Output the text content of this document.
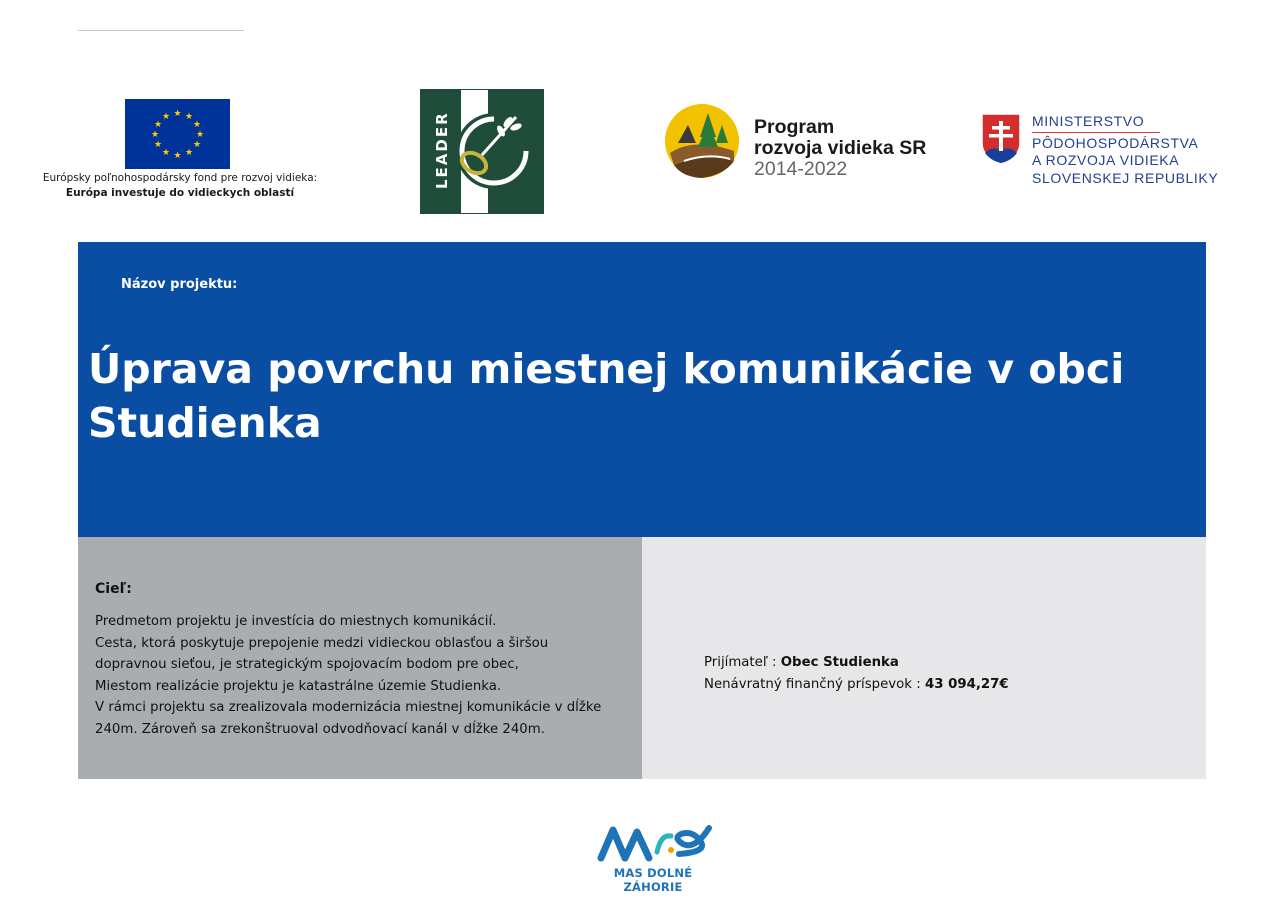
★ ★
★
★
★
★
★
★
★
★
★
★
Európsky poľnohospodársky fond pre rozvoj vidieka:
Európa investuje do vidieckych oblastí
LEADER	Program
rozvoja vidieka SR
2014-2022
MINISTERSTVO
PÔDOHOSPODÁRSTVA
A ROZVOJA VIDIEKA
SLOVENSKEJ REPUBLIKY
Názov projektu:
Úprava povrchu miestnej komunikácie v obci
Studienka
Cieľ:
Predmetom projektu je investícia do miestnych komunikácií.
Cesta, ktorá poskytuje prepojenie medzi vidieckou oblasťou a širšou
dopravnou sieťou, je strategickým spojovacím bodom pre obec,
Miestom realizácie projektu je katastrálne územie Studienka.
V rámci projektu sa zrealizovala modernizácia miestnej komunikácie v dĺžke
240m. Zároveň sa zrekonštruoval odvodňovací kanál v dĺžke 240m.
Prijímateľ : Obec Studienka
Nenávratný finančný príspevok : 43 094,27€
MAS DOLNÉ ZÁHORIE
